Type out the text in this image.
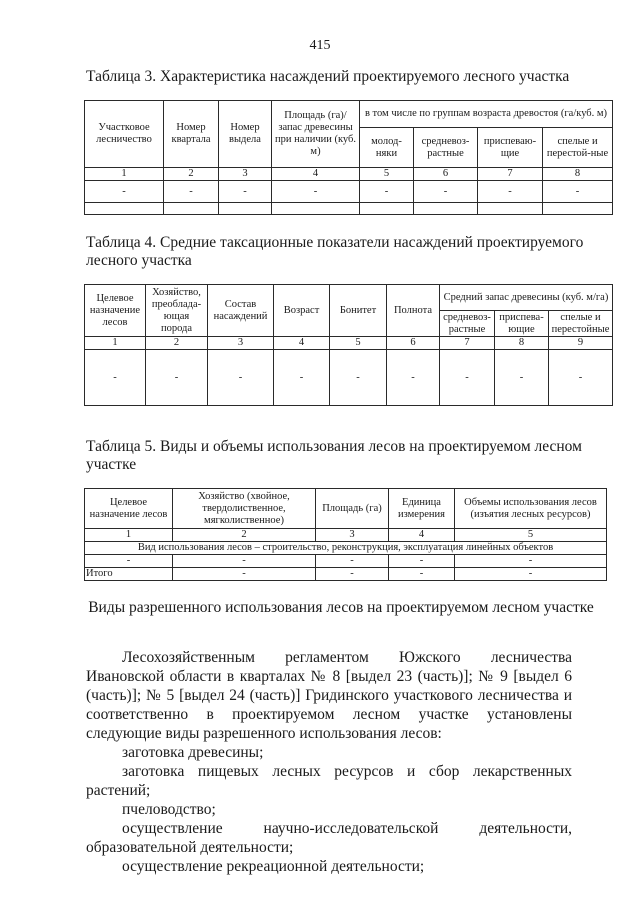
415
Таблица 3. Характеристика насаждений проектируемого лесного участка
Участковое лесничество	Номер квартала	Номер выдела	Площадь (га)/запас древесины при наличии (куб. м)	в том числе по группам возраста древостоя (га/куб. м)			
				молод-няки	средневоз-растные	приспеваю-щие	спелые и перестой-ные
1	2	3	4	5	6	7	8
-	-	-	-	-	-	-	-

Таблица 4. Средние таксационные показатели насаждений проектируемого лесного участка
Целевое назначение лесов	Хозяйство, преоблада-ющая порода	Состав насаждений	Возраст	Бонитет	Полнота	Средний запас древесины (куб. м/га)		
						средневоз-растные	приспева-ющие	спелые и перестойные
1	2	3	4	5	6	7	8	9
-	-	-	-	-	-	-	-	-
Таблица 5. Виды и объемы использования лесов на проектируемом лесном участке
Целевое назначение лесов	Хозяйство (хвойное, твердолиственное, мягколиственное)	Площадь (га)	Единица измерения	Объемы использования лесов (изъятия лесных ресурсов)
1	2	3	4	5
Вид использования лесов – строительство, реконструкция, эксплуатация линейных объектов				
-	-	-	-	-
Итого	-	-	-	-
Виды разрешенного использования лесов на проектируемом лесном участке

Лесохозяйственным регламентом Южского лесничества Ивановской области в кварталах № 8 [выдел 23 (часть)]; № 9 [выдел 6 (часть)]; № 5 [выдел 24 (часть)] Гридинского участкового лесничества и соответственно в проектируемом лесном участке установлены следующие виды разрешенного использования лесов:

заготовка древесины;

заготовка пищевых лесных ресурсов и сбор лекарственных растений;

пчеловодство;

осуществление научно-исследовательской деятельности, образовательной деятельности;

осуществление рекреационной деятельности;
